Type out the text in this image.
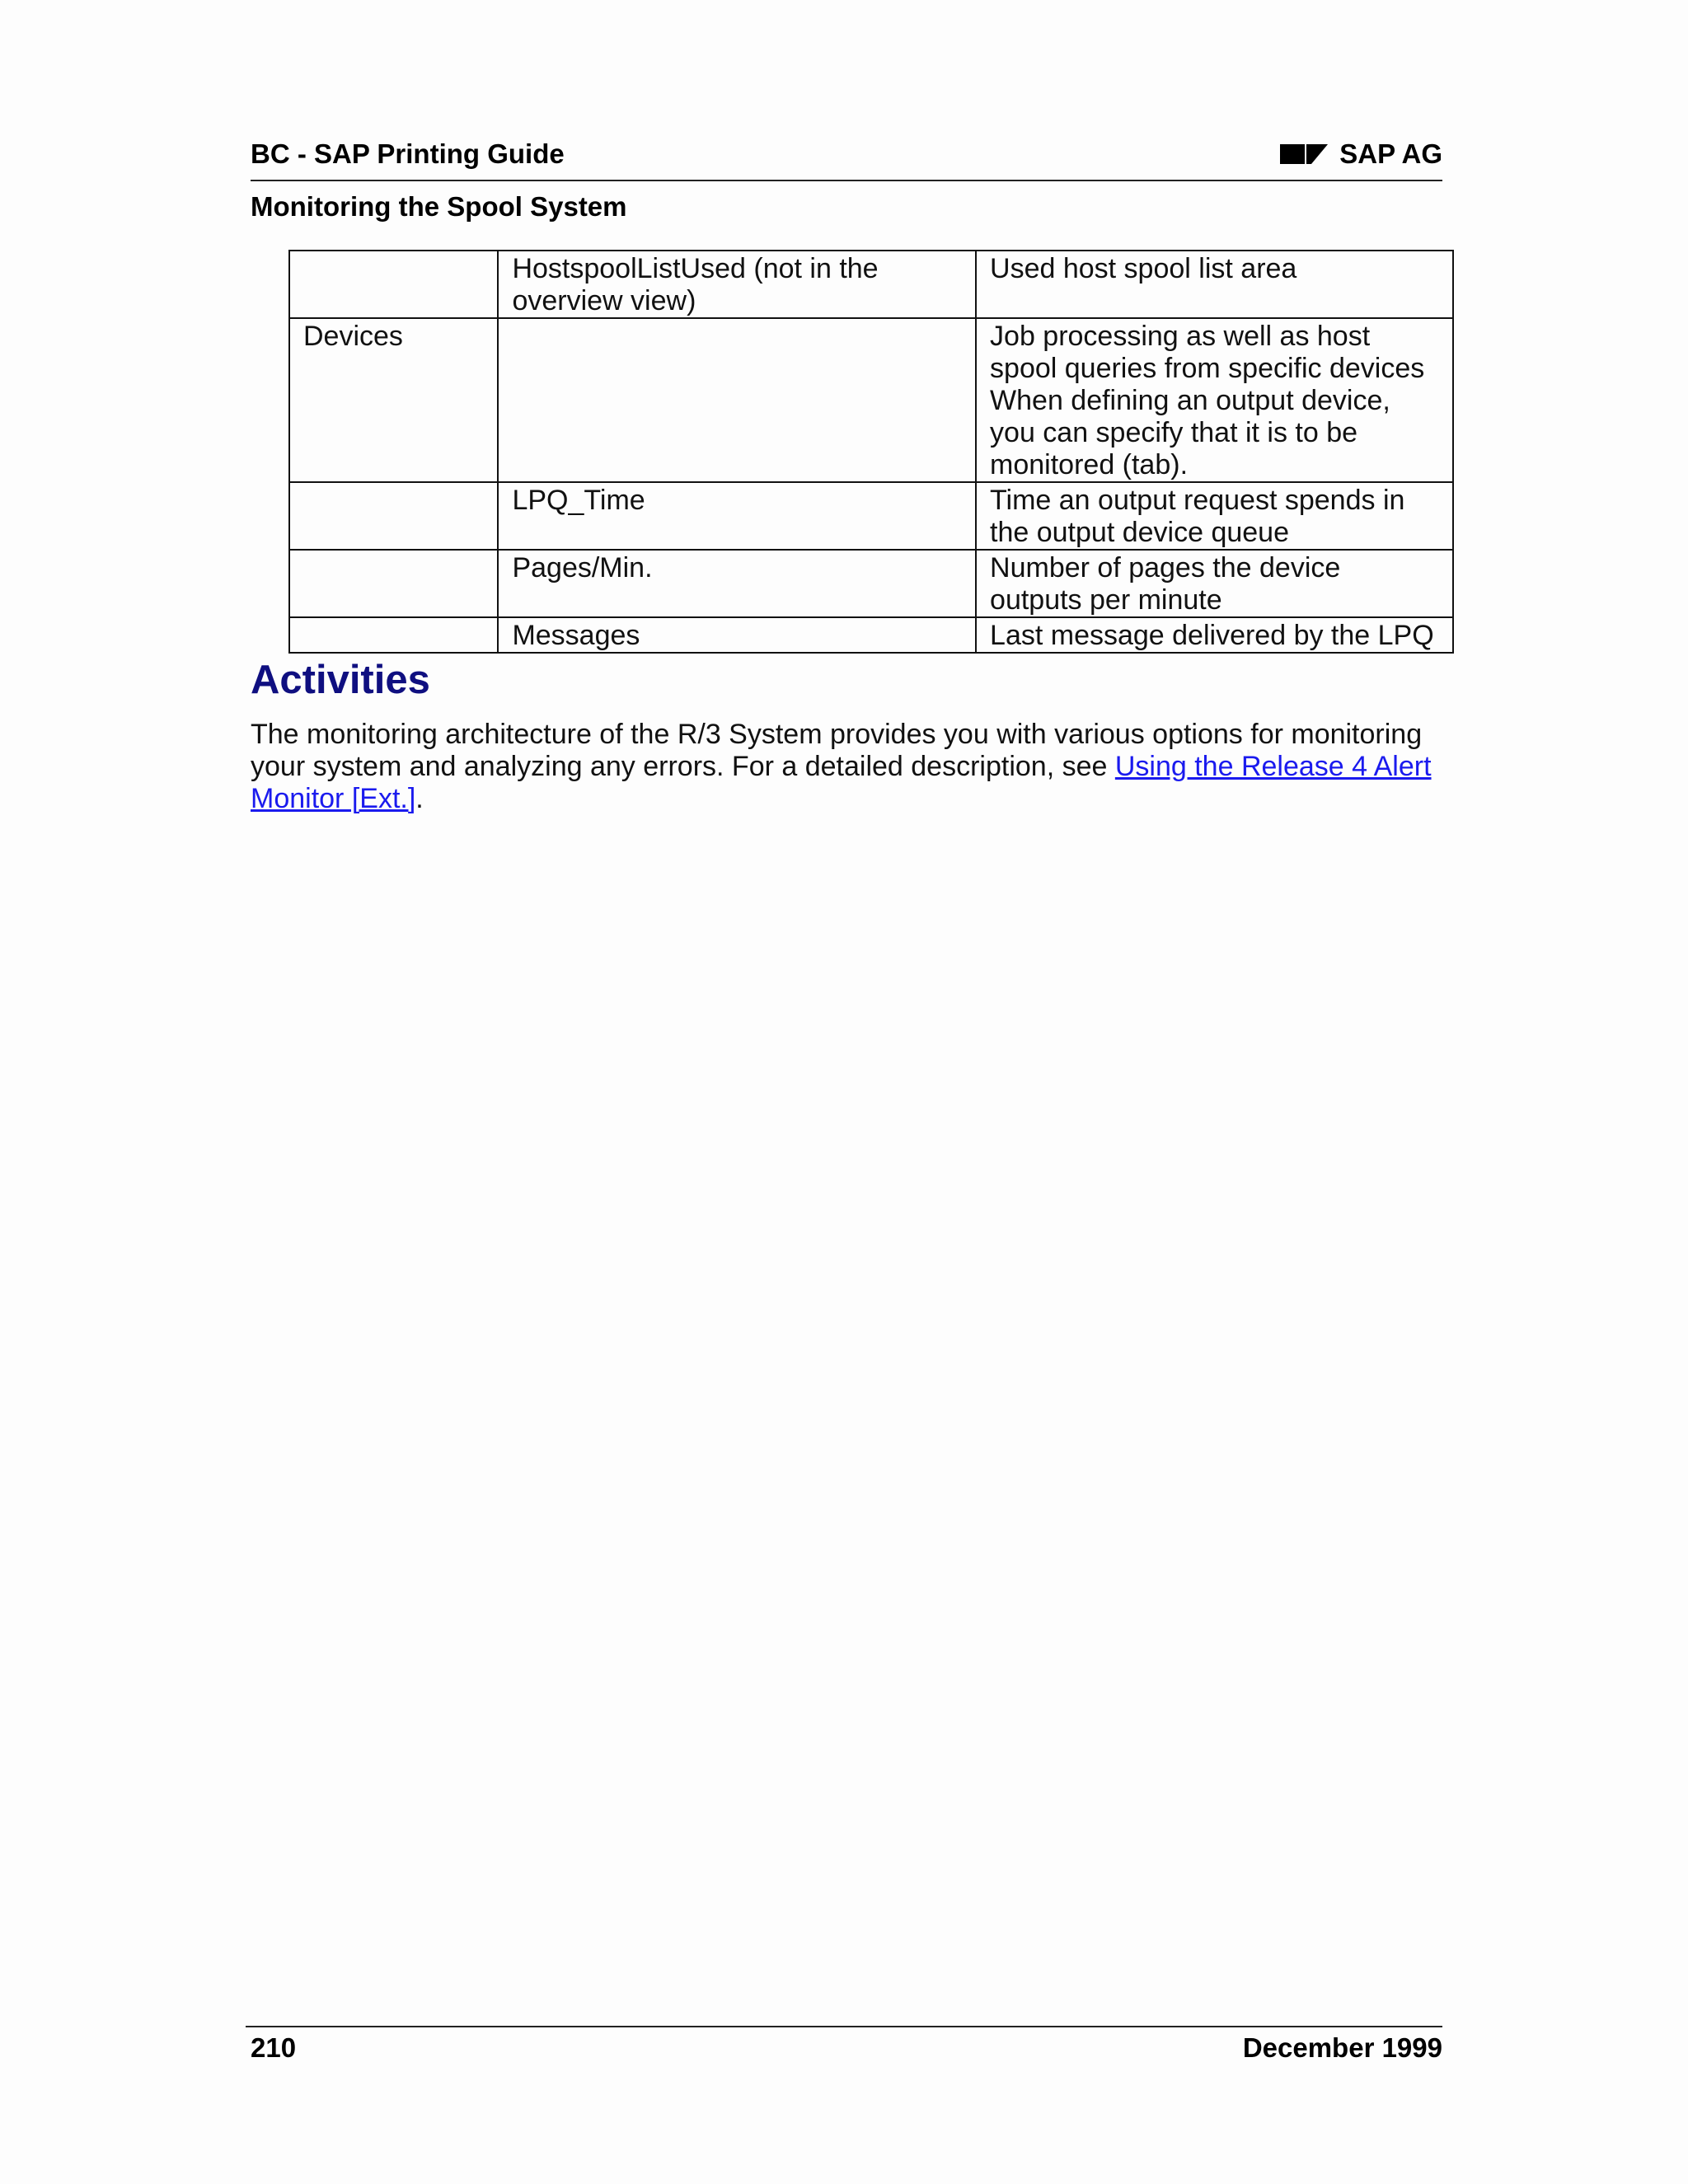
BC - SAP Printing Guide	SAP AG
Monitoring the Spool System
	HostspoolListUsed (not in the overview view)	Used host spool list area
Devices		Job processing as well as host spool queries from specific devices
When defining an output device, you can specify that it is to be monitored (tab).
	LPQ_Time	Time an output request spends in the output device queue
	Pages/Min.	Number of pages the device outputs per minute
	Messages	Last message delivered by the LPQ
Activities
The monitoring architecture of the R/3 System provides you with various options for monitoring your system and analyzing any errors. For a detailed description, see Using the Release 4 Alert Monitor [Ext.].
210	December 1999
